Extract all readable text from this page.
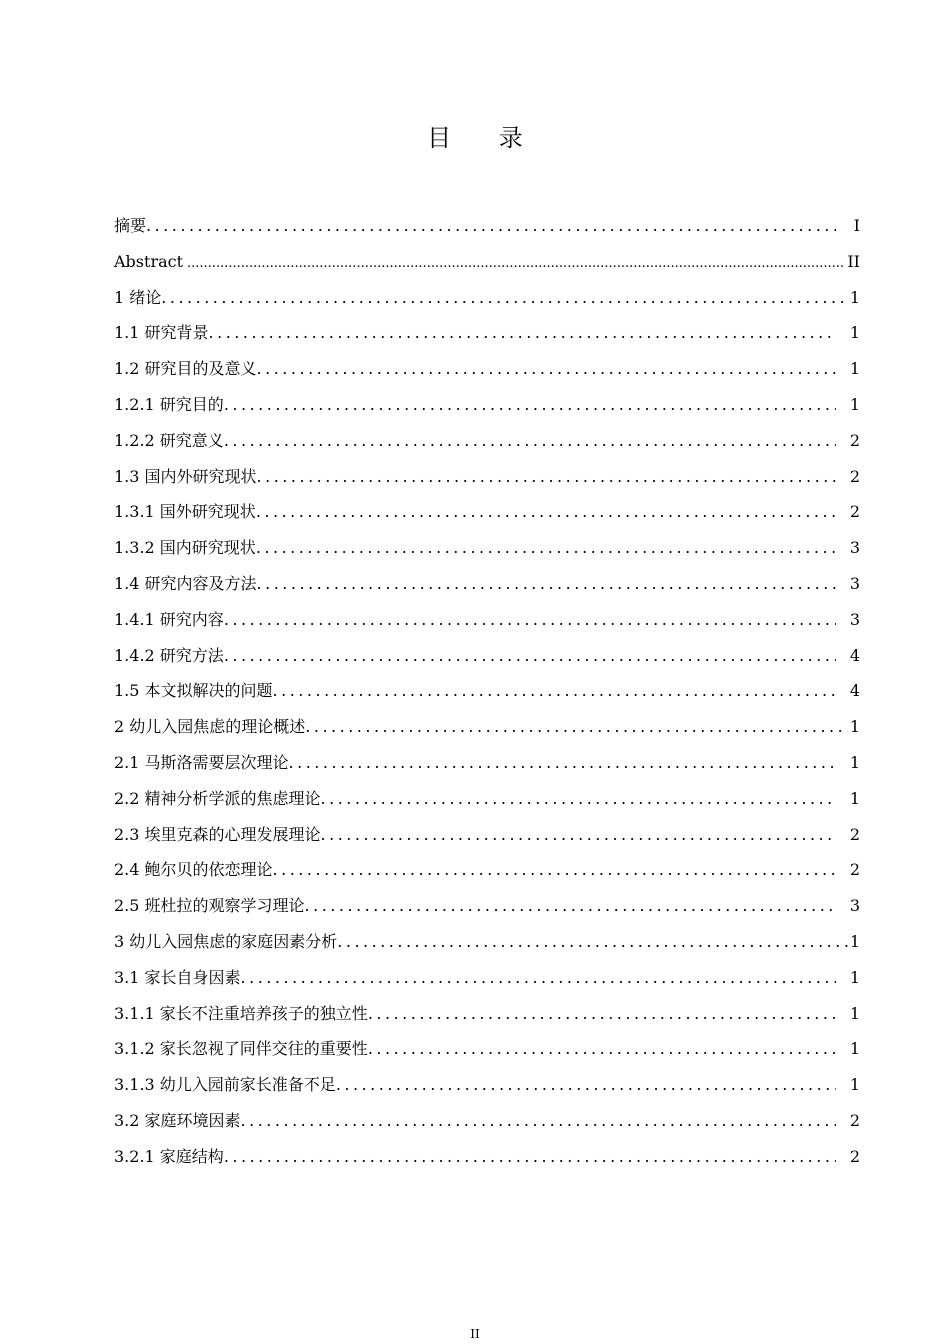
目 录
摘要 .....	I
Abstract .....	II
1 绪论 .....	1
1.1 研究背景 .....	1
1.2 研究目的及意义 .....	1
1.2.1 研究目的 .....	1
1.2.2 研究意义 .....	2
1.3 国内外研究现状 .....	2
1.3.1 国外研究现状 .....	2
1.3.2 国内研究现状 .....	3
1.4 研究内容及方法 .....	3
1.4.1 研究内容 .....	3
1.4.2 研究方法 .....	4
1.5 本文拟解决的问题 .....	4
2 幼儿入园焦虑的理论概述 .....	1
2.1 马斯洛需要层次理论 .....	1
2.2 精神分析学派的焦虑理论 .....	1
2.3 埃里克森的心理发展理论 .....	2
2.4 鲍尔贝的依恋理论 .....	2
2.5 班杜拉的观察学习理论 .....	3
3 幼儿入园焦虑的家庭因素分析 .....	1
3.1 家长自身因素 .....	1
3.1.1 家长不注重培养孩子的独立性 .....	1
3.1.2 家长忽视了同伴交往的重要性 .....	1
3.1.3 幼儿入园前家长准备不足 .....	1
3.2 家庭环境因素 .....	2
3.2.1 家庭结构 .....	2
II
